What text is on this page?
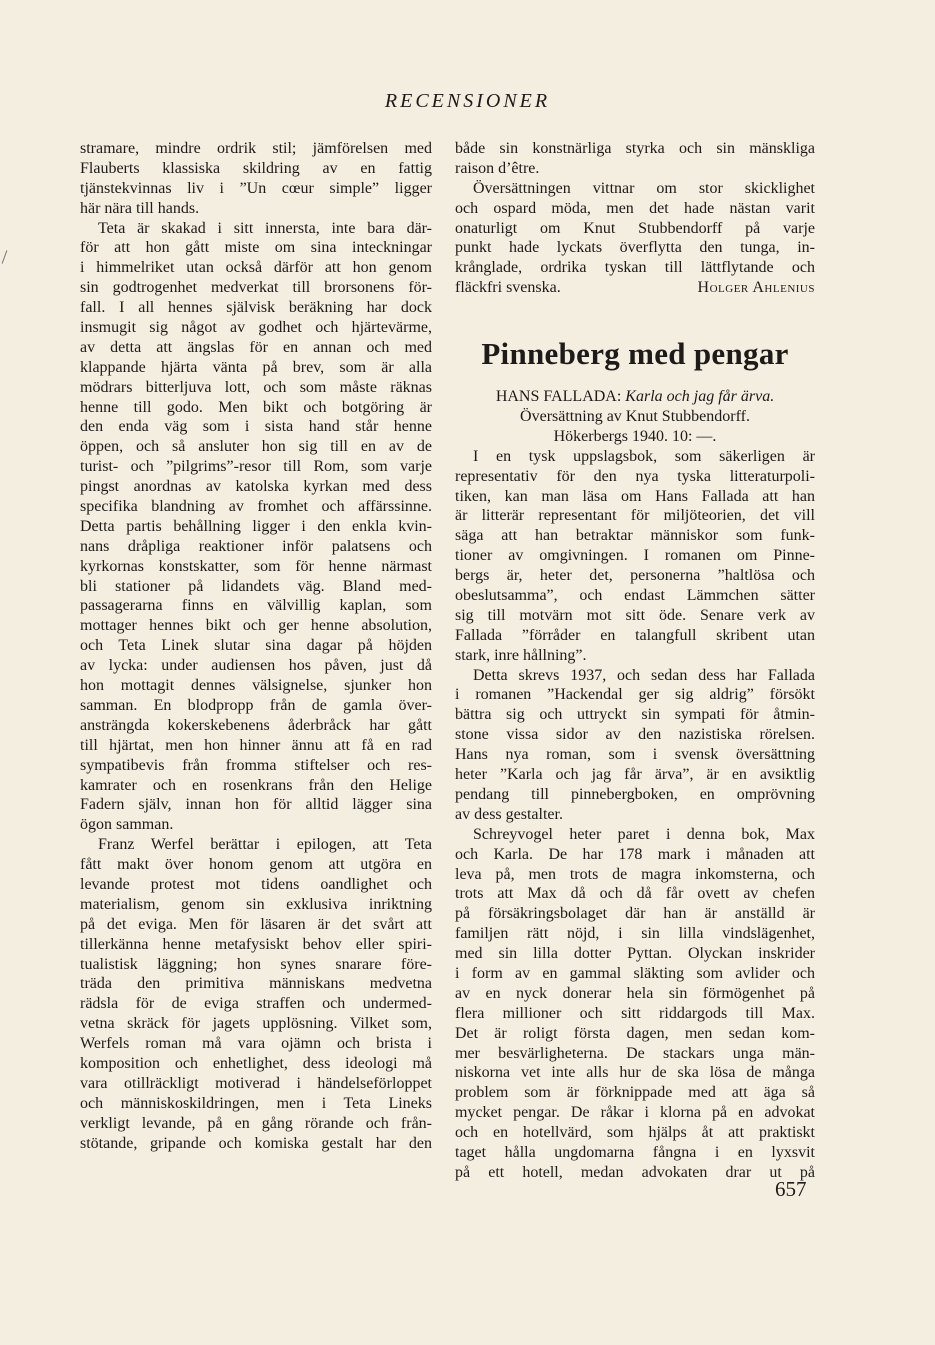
RECENSIONER
stramare, mindre ordrik stil; jämförelsen med
Flauberts klassiska skildring av en fattig
tjänstekvinnas liv i ”Un cœur simple” ligger
här nära till hands.
Teta är skakad i sitt innersta, inte bara där-
för att hon gått miste om sina inteckningar
i himmelriket utan också därför att hon genom
sin godtrogenhet medverkat till brorsonens för-
fall. I all hennes självisk beräkning har dock
insmugit sig något av godhet och hjärtevärme,
av detta att ängslas för en annan och med
klappande hjärta vänta på brev, som är alla
mödrars bitterljuva lott, och som måste räknas
henne till godo. Men bikt och botgöring är
den enda väg som i sista hand står henne
öppen, och så ansluter hon sig till en av de
turist- och ”pilgrims”-resor till Rom, som varje
pingst anordnas av katolska kyrkan med dess
specifika blandning av fromhet och affärssinne.
Detta partis behållning ligger i den enkla kvin-
nans dråpliga reaktioner inför palatsens och
kyrkornas konstskatter, som för henne närmast
bli stationer på lidandets väg. Bland med-
passagerarna finns en välvillig kaplan, som
mottager hennes bikt och ger henne absolution,
och Teta Linek slutar sina dagar på höjden
av lycka: under audiensen hos påven, just då
hon mottagit dennes välsignelse, sjunker hon
samman. En blodpropp från de gamla över-
ansträngda kokerskebenens åderbråck har gått
till hjärtat, men hon hinner ännu att få en rad
sympatibevis från fromma stiftelser och res-
kamrater och en rosenkrans från den Helige
Fadern själv, innan hon för alltid lägger sina
ögon samman.
Franz Werfel berättar i epilogen, att Teta
fått makt över honom genom att utgöra en
levande protest mot tidens oandlighet och
materialism, genom sin exklusiva inriktning
på det eviga. Men för läsaren är det svårt att
tillerkänna henne metafysiskt behov eller spiri-
tualistisk läggning; hon synes snarare före-
träda den primitiva människans medvetna
rädsla för de eviga straffen och undermed-
vetna skräck för jagets upplösning. Vilket som,
Werfels roman må vara ojämn och brista i
komposition och enhetlighet, dess ideologi må
vara otillräckligt motiverad i händelseförloppet
och människoskildringen, men i Teta Lineks
verkligt levande, på en gång rörande och från-
stötande, gripande och komiska gestalt har den
både sin konstnärliga styrka och sin mänskliga
raison d’être.
Översättningen vittnar om stor skicklighet
och ospard möda, men det hade nästan varit
onaturligt om Knut Stubbendorff på varje
punkt hade lyckats överflytta den tunga, in-
krånglade, ordrika tyskan till lättflytande och
fläckfri svenska.	Holger Ahlenius
Pinneberg med pengar
HANS FALLADA: Karla och jag får ärva.
Översättning av Knut Stubbendorff.
Hökerbergs 1940. 10: —.
I en tysk uppslagsbok, som säkerligen är
representativ för den nya tyska litteraturpoli-
tiken, kan man läsa om Hans Fallada att han
är litterär representant för miljöteorien, det vill
säga att han betraktar människor som funk-
tioner av omgivningen. I romanen om Pinne-
bergs är, heter det, personerna ”haltlösa och
obeslutsamma”, och endast Lämmchen sätter
sig till motvärn mot sitt öde. Senare verk av
Fallada ”förråder en talangfull skribent utan
stark, inre hållning”.
Detta skrevs 1937, och sedan dess har Fallada
i romanen ”Hackendal ger sig aldrig” försökt
bättra sig och uttryckt sin sympati för åtmin-
stone vissa sidor av den nazistiska rörelsen.
Hans nya roman, som i svensk översättning
heter ”Karla och jag får ärva”, är en avsiktlig
pendang till pinnebergboken, en omprövning
av dess gestalter.
Schreyvogel heter paret i denna bok, Max
och Karla. De har 178 mark i månaden att
leva på, men trots de magra inkomsterna, och
trots att Max då och då får ovett av chefen
på försäkringsbolaget där han är anställd är
familjen rätt nöjd, i sin lilla vindslägenhet,
med sin lilla dotter Pyttan. Olyckan inskrider
i form av en gammal släkting som avlider och
av en nyck donerar hela sin förmögenhet på
flera millioner och sitt riddargods till Max.
Det är roligt första dagen, men sedan kom-
mer besvärligheterna. De stackars unga män-
niskorna vet inte alls hur de ska lösa de många
problem som är förknippade med att äga så
mycket pengar. De råkar i klorna på en advokat
och en hotellvärd, som hjälps åt att praktiskt
taget hålla ungdomarna fångna i en lyxsvit
på ett hotell, medan advokaten drar ut på
657
